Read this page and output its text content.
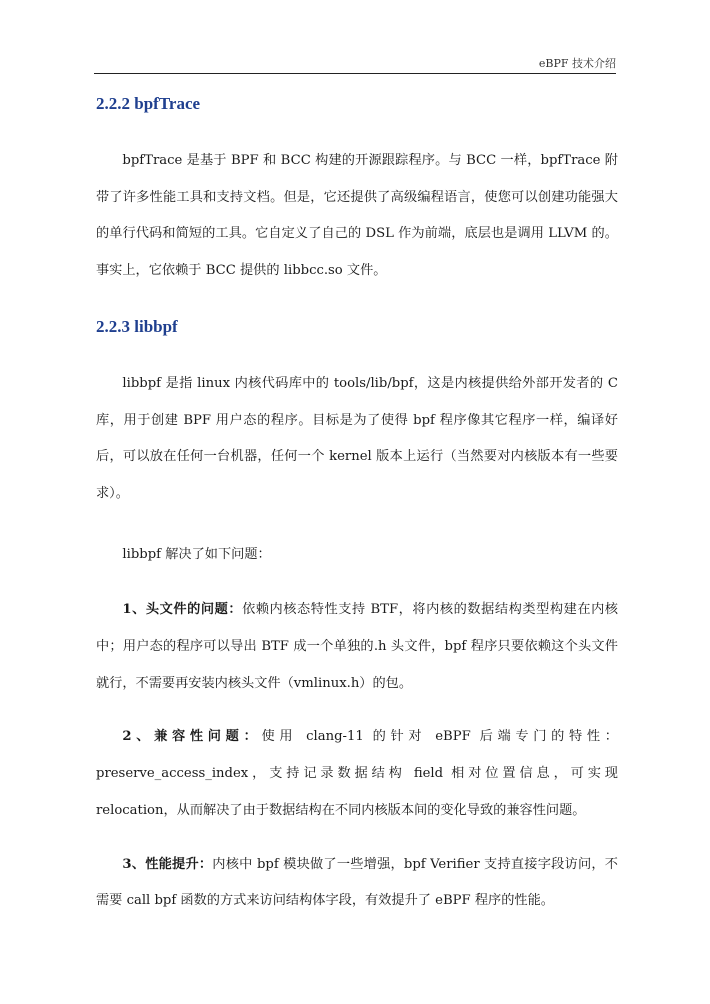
eBPF 技术介绍
2.2.2 bpfTrace

bpfTrace 是基于 BPF 和 BCC 构建的开源跟踪程序。与 BCC 一样，bpfTrace 附带了许多性能工具和支持文档。但是，它还提供了高级编程语言，使您可以创建功能强大的单行代码和简短的工具。它自定义了自己的 DSL 作为前端，底层也是调用 LLVM 的。事实上，它依赖于 BCC 提供的 libbcc.so 文件。

2.2.3 libbpf

libbpf 是指 linux 内核代码库中的 tools/lib/bpf，这是内核提供给外部开发者的 C 库，用于创建 BPF 用户态的程序。目标是为了使得 bpf 程序像其它程序一样，编译好后，可以放在任何一台机器，任何一个 kernel 版本上运行（当然要对内核版本有一些要求）。

libbpf 解决了如下问题：

1、头文件的问题：依赖内核态特性支持 BTF，将内核的数据结构类型构建在内核中；用户态的程序可以导出 BTF 成一个单独的.h 头文件，bpf 程序只要依赖这个头文件就行，不需要再安装内核头文件（vmlinux.h）的包。

2、兼容性问题：使用 clang-11 的针对 eBPF 后端专门的特性：preserve_access_index，支持记录数据结构 field 相对位置信息，可实现 relocation，从而解决了由于数据结构在不同内核版本间的变化导致的兼容性问题。

3、性能提升：内核中 bpf 模块做了一些增强，bpf Verifier 支持直接字段访问，不需要 call bpf 函数的方式来访问结构体字段，有效提升了 eBPF 程序的性能。
